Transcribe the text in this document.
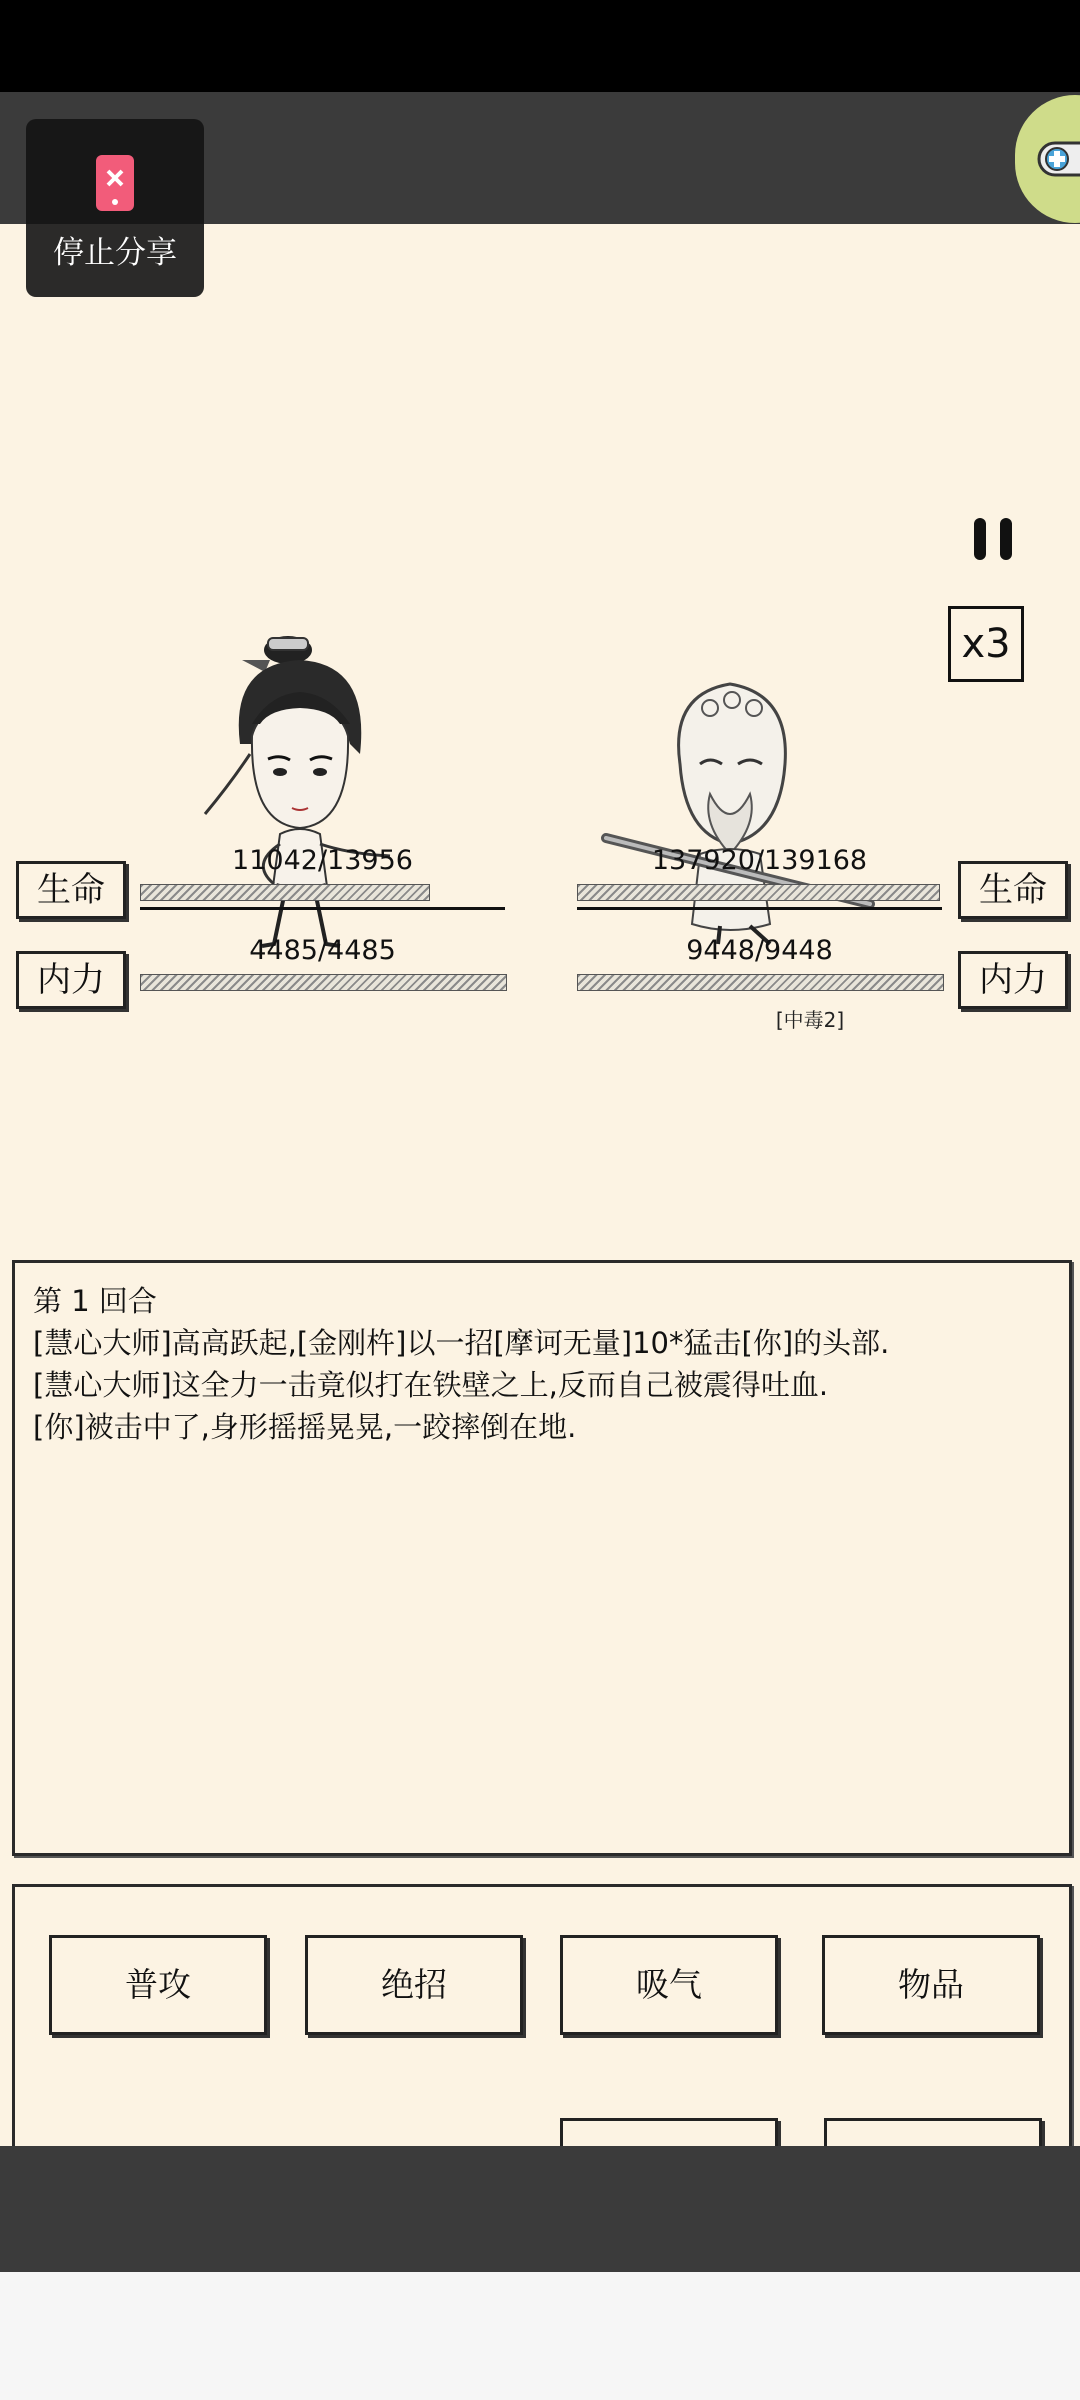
停止分享
x3
[中毒2]
生命
11042/13956
内力
4485/4485
生命
137920/139168
内力
9448/9448
第 1 回合
[慧心大师]高高跃起,[金刚杵]以一招[摩诃无量]10*猛击[你]的头部.
[慧心大师]这全力一击竟似打在铁壁之上,反而自己被震得吐血.
[你]被击中了,身形摇摇晃晃,一跤摔倒在地.
普攻	绝招	吸气	物品
